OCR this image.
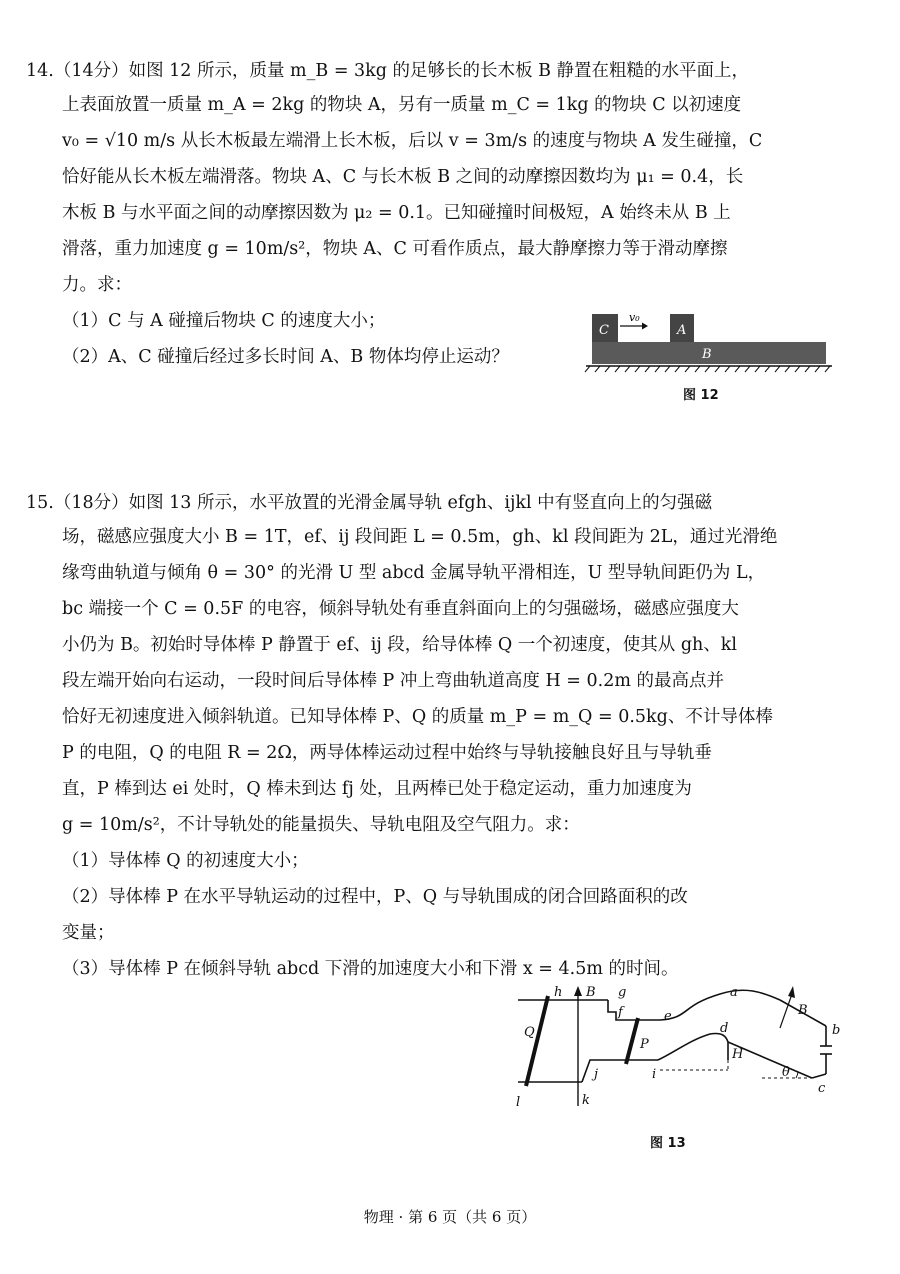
14.（14分）如图 12 所示，质量 m_B = 3kg 的足够长的长木板 B 静置在粗糙的水平面上，
上表面放置一质量 m_A = 2kg 的物块 A，另有一质量 m_C = 1kg 的物块 C 以初速度
v₀ = √10 m/s 从长木板最左端滑上长木板，后以 v = 3m/s 的速度与物块 A 发生碰撞，C
恰好能从长木板左端滑落。物块 A、C 与长木板 B 之间的动摩擦因数均为 μ₁ = 0.4，长
木板 B 与水平面之间的动摩擦因数为 μ₂ = 0.1。已知碰撞时间极短，A 始终未从 B 上
滑落，重力加速度 g = 10m/s²，物块 A、C 可看作质点，最大静摩擦力等于滑动摩擦
力。求：
（1）C 与 A 碰撞后物块 C 的速度大小；
（2）A、C 碰撞后经过多长时间 A、B 物体均停止运动？
C
v₀
A
B
图 12
15.（18分）如图 13 所示，水平放置的光滑金属导轨 efgh、ijkl 中有竖直向上的匀强磁
场，磁感应强度大小 B = 1T，ef、ij 段间距 L = 0.5m，gh、kl 段间距为 2L，通过光滑绝
缘弯曲轨道与倾角 θ = 30° 的光滑 U 型 abcd 金属导轨平滑相连，U 型导轨间距仍为 L，
bc 端接一个 C = 0.5F 的电容，倾斜导轨处有垂直斜面向上的匀强磁场，磁感应强度大
小仍为 B。初始时导体棒 P 静置于 ef、ij 段，给导体棒 Q 一个初速度，使其从 gh、kl
段左端开始向右运动，一段时间后导体棒 P 冲上弯曲轨道高度 H = 0.2m 的最高点并
恰好无初速度进入倾斜轨道。已知导体棒 P、Q 的质量 m_P = m_Q = 0.5kg、不计导体棒
P 的电阻，Q 的电阻 R = 2Ω，两导体棒运动过程中始终与导轨接触良好且与导轨垂
直，P 棒到达 ei 处时，Q 棒未到达 fj 处，且两棒已处于稳定运动，重力加速度为
g = 10m/s²，不计导轨处的能量损失、导轨电阻及空气阻力。求：
（1）导体棒 Q 的初速度大小；
（2）导体棒 P 在水平导轨运动的过程中，P、Q 与导轨围成的闭合回路面积的改
变量；
（3）导体棒 P 在倾斜导轨 abcd 下滑的加速度大小和下滑 x = 4.5m 的时间。
h B g
f	e
a
B
b
Q
P
d
H
θ
c
j	i
l	k
图 13
物理 · 第 6 页（共 6 页）
